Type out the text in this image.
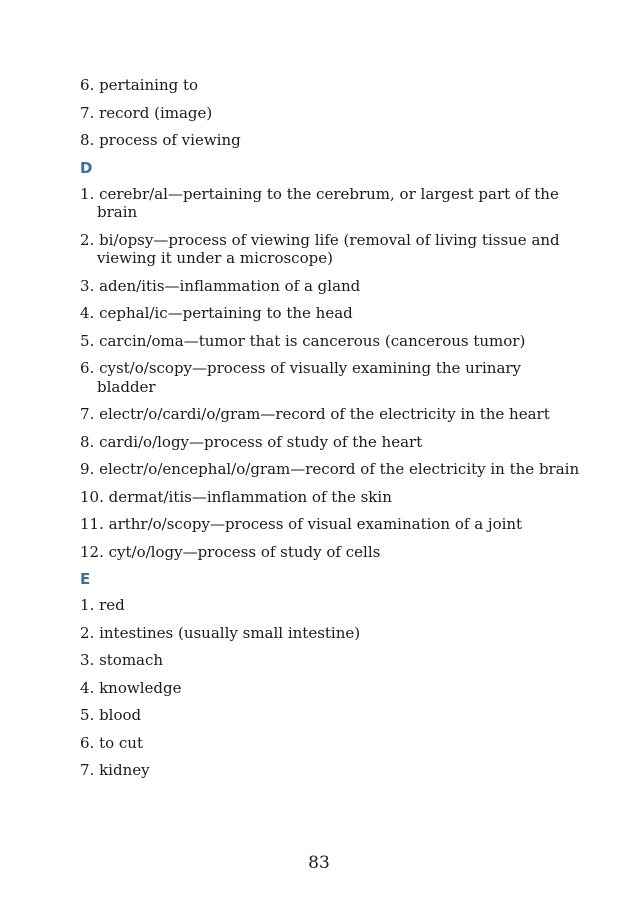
6. pertaining to
7. record (image)
8. process of viewing
D
1. cerebr/al—pertaining to the cerebrum, or largest part of the brain
2. bi/opsy—process of viewing life (removal of living tissue and viewing it under a microscope)
3. aden/itis—inflammation of a gland
4. cephal/ic—pertaining to the head
5. carcin/oma—tumor that is cancerous (cancerous tumor)
6. cyst/o/scopy—process of visually examining the urinary bladder
7. electr/o/cardi/o/gram—record of the electricity in the heart
8. cardi/o/logy—process of study of the heart
9. electr/o/encephal/o/gram—record of the electricity in the brain
10. dermat/itis—inflammation of the skin
11. arthr/o/scopy—process of visual examination of a joint
12. cyt/o/logy—process of study of cells
E
1. red
2. intestines (usually small intestine)
3. stomach
4. knowledge
5. blood
6. to cut
7. kidney
83
